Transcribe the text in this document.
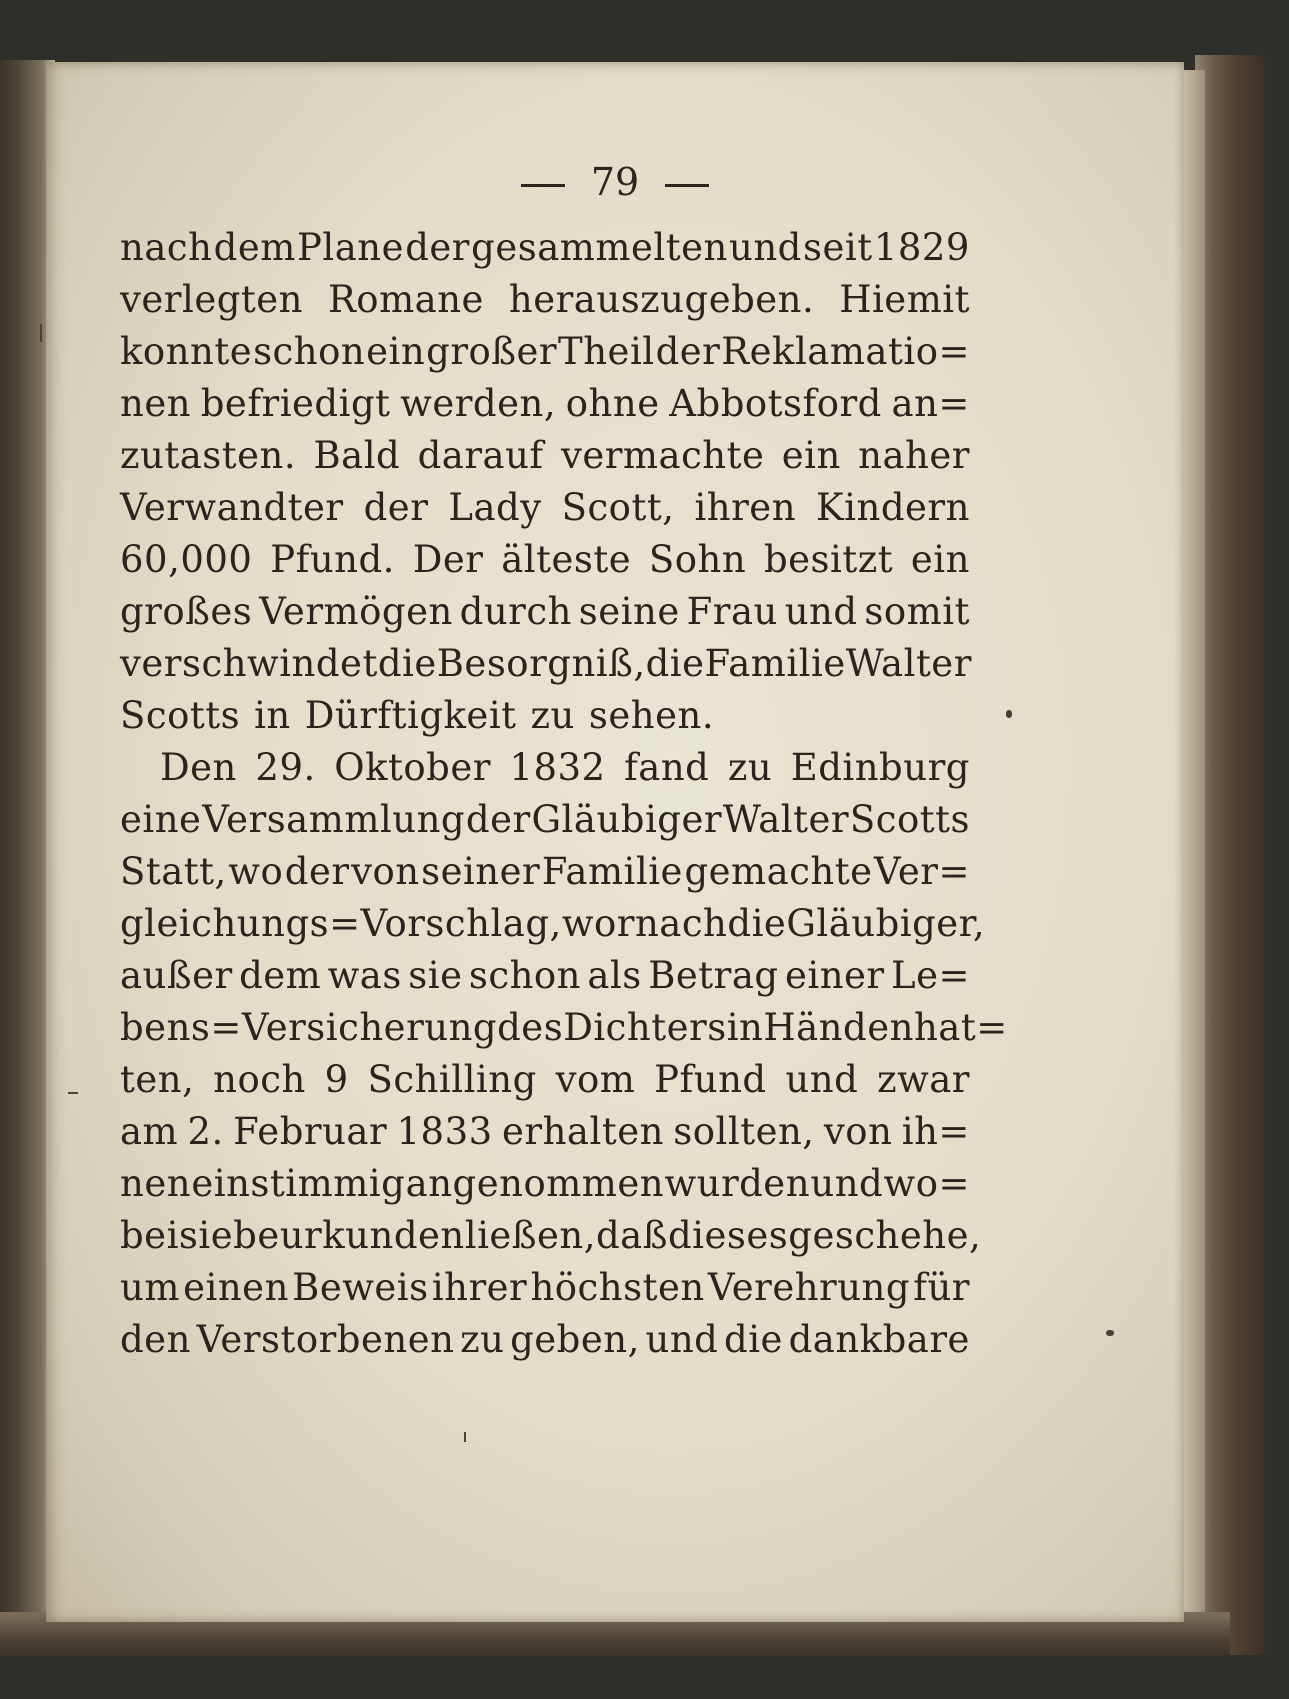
79
nach dem Plane der gesammelten und seit 1829
verlegten Romane herauszugeben. Hiemit
konnte schon ein großer Theil der Reklamatio=
nen befriedigt werden, ohne Abbotsford an=
zutasten. Bald darauf vermachte ein naher
Verwandter der Lady Scott, ihren Kindern
60,000 Pfund. Der älteste Sohn besitzt ein
großes Vermögen durch seine Frau und somit
verschwindet die Besorgniß, die Familie Walter
Scotts in Dürftigkeit zu sehen.
Den 29. Oktober 1832 fand zu Edinburg
eine Versammlung der Gläubiger Walter Scotts
Statt, wo der von seiner Familie gemachte Ver=
gleichungs=Vorschlag, wornach die Gläubiger,
außer dem was sie schon als Betrag einer Le=
bens=Versicherung des Dichters in Händen hat=
ten, noch 9 Schilling vom Pfund und zwar
am 2. Februar 1833 erhalten sollten, von ih=
nen einstimmig angenommen wurden und wo=
bei sie beurkunden ließen, daß dieses geschehe,
um einen Beweis ihrer höchsten Verehrung für
den Verstorbenen zu geben, und die dankbare
